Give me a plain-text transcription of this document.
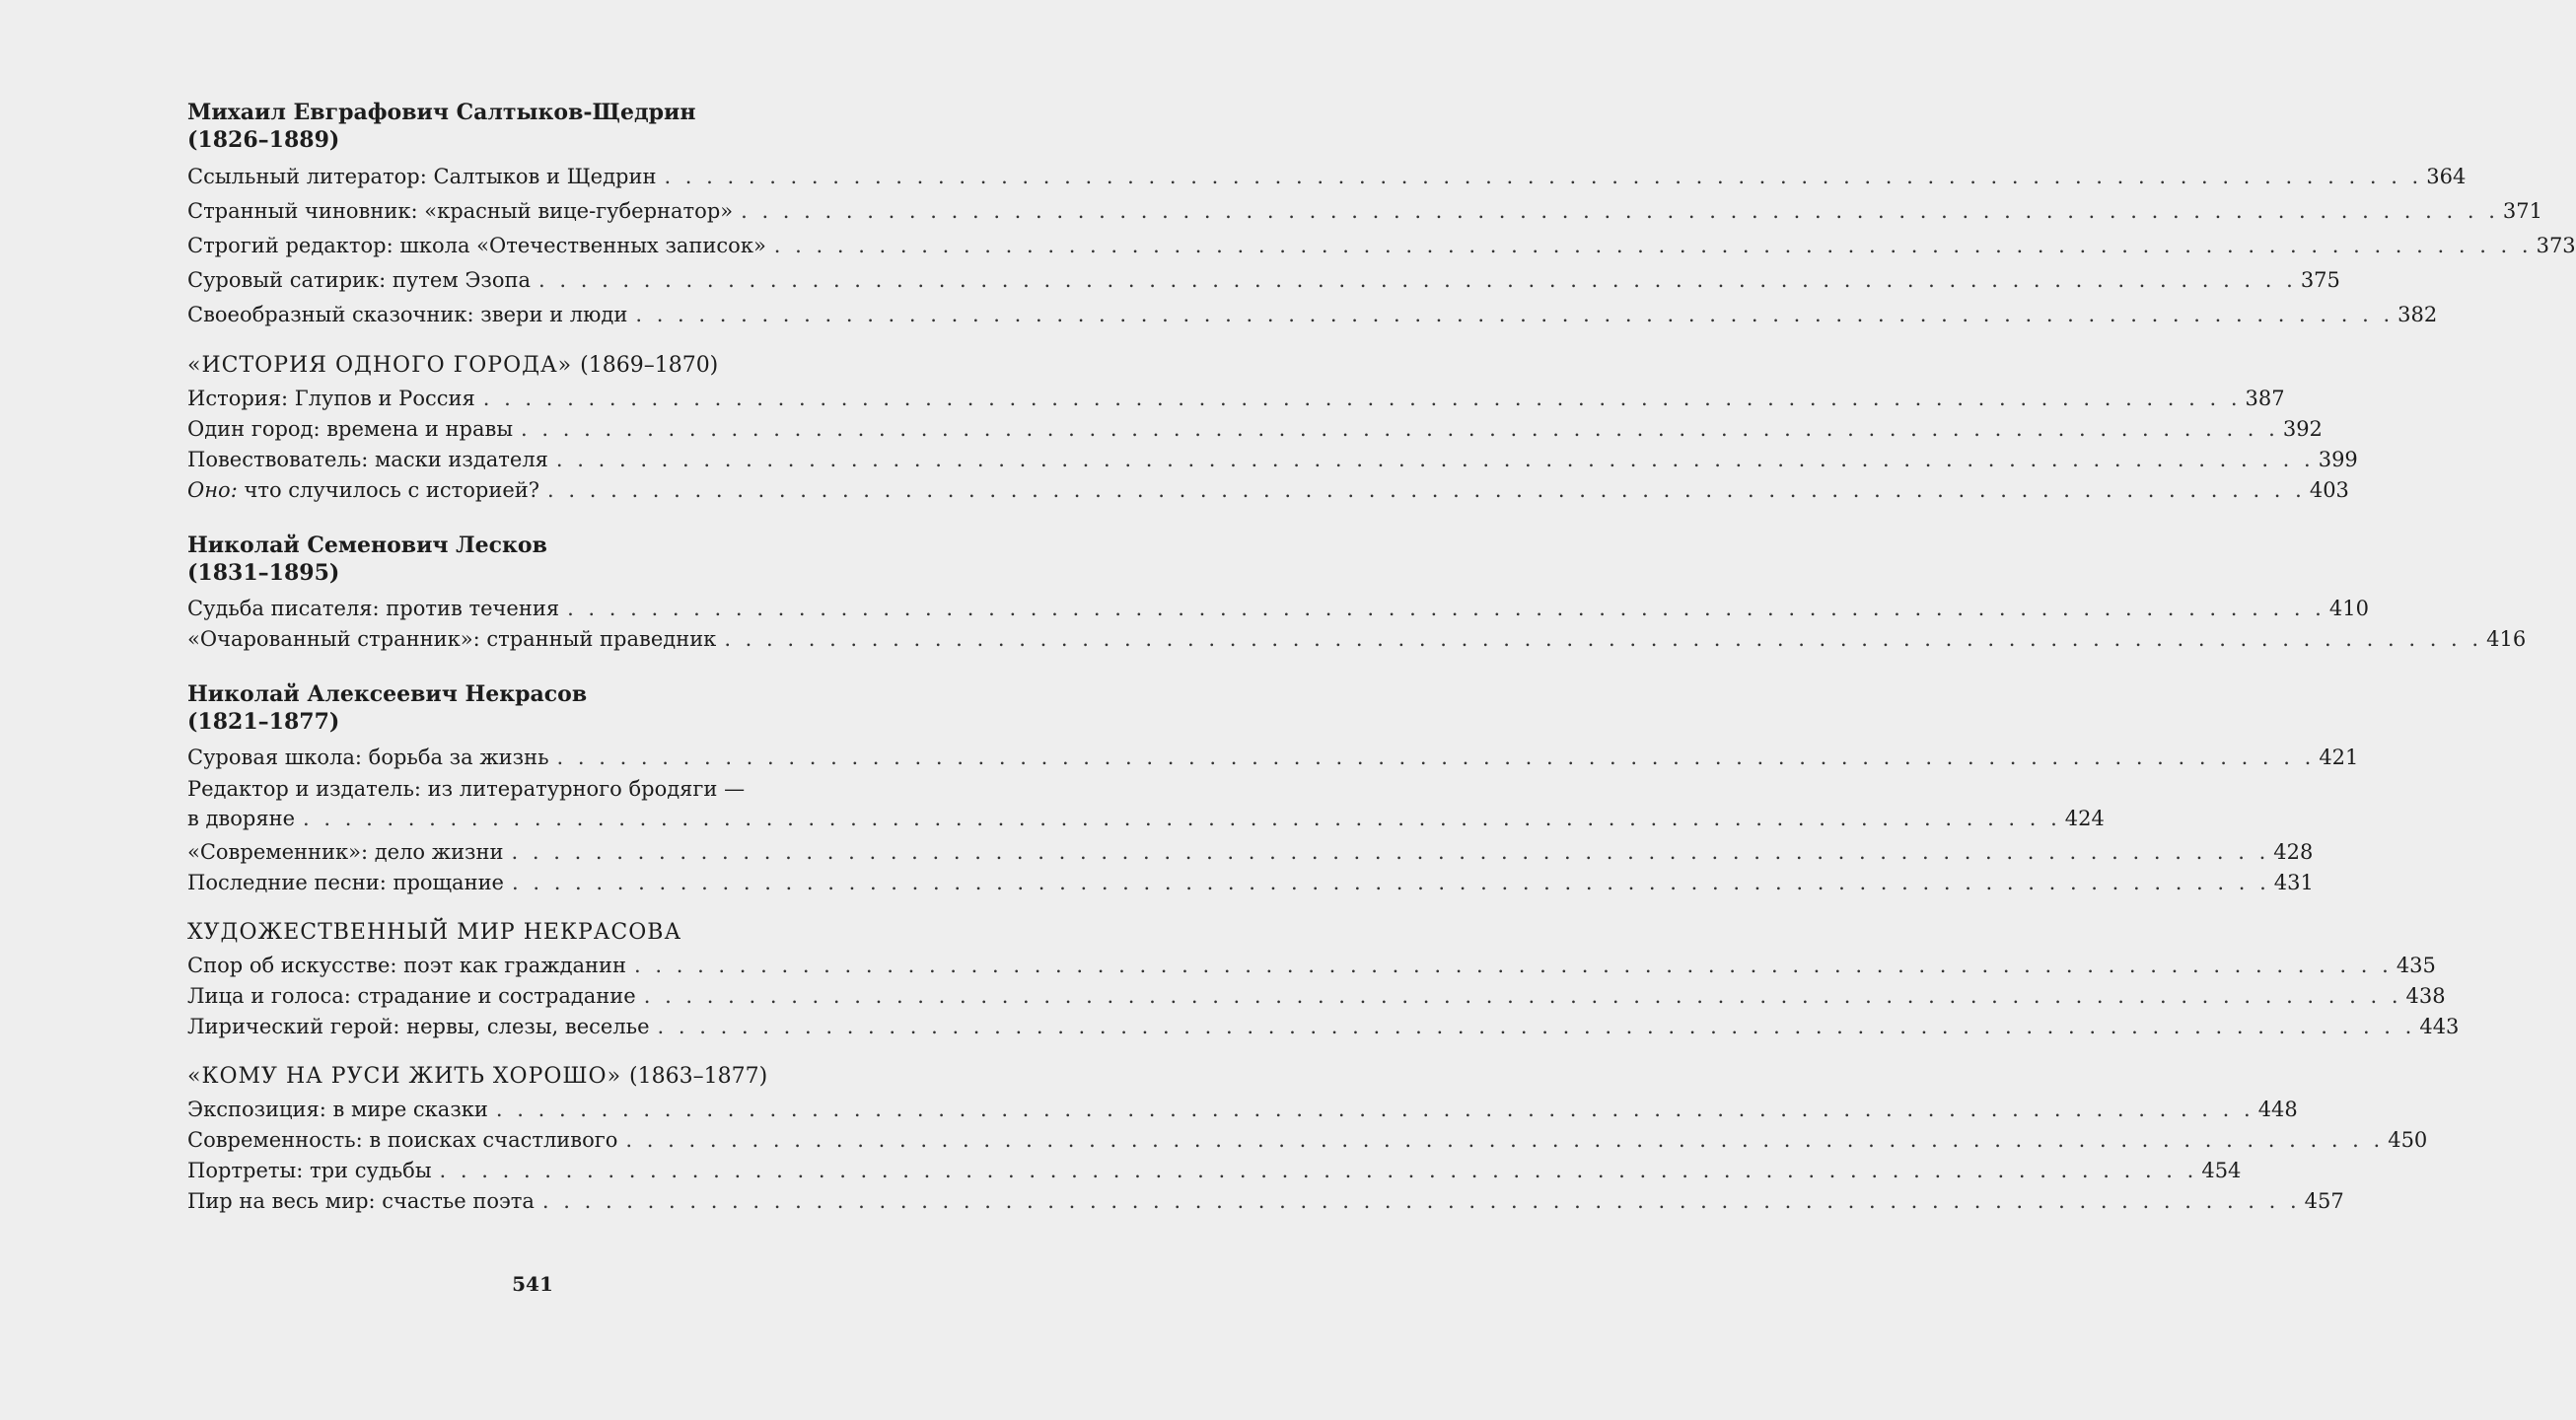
Михаил Евграфович Салтыков-Щедрин
(1826–1889)
Ссыльный литератор: Салтыков и Щедрин . . . . . . . . . . . . . . . . . . . . . . . . . . . . . . . . . . . . . . . . . . . . . . . . . . . . . . . . . . . . . . . . . . . . . . . . . . . . . . . . . . . . 364
Странный чиновник: «красный вице-губернатор» . . . . . . . . . . . . . . . . . . . . . . . . . . . . . . . . . . . . . . . . . . . . . . . . . . . . . . . . . . . . . . . . . . . . . . . . . . . . . . . . . . . . 371
Строгий редактор: школа «Отечественных записок» . . . . . . . . . . . . . . . . . . . . . . . . . . . . . . . . . . . . . . . . . . . . . . . . . . . . . . . . . . . . . . . . . . . . . . . . . . . . . . . . . . . . 373
Суровый сатирик: путем Эзопа . . . . . . . . . . . . . . . . . . . . . . . . . . . . . . . . . . . . . . . . . . . . . . . . . . . . . . . . . . . . . . . . . . . . . . . . . . . . . . . . . . . . 375
Своеобразный сказочник: звери и люди . . . . . . . . . . . . . . . . . . . . . . . . . . . . . . . . . . . . . . . . . . . . . . . . . . . . . . . . . . . . . . . . . . . . . . . . . . . . . . . . . . . . 382
«ИСТОРИЯ ОДНОГО ГОРОДА» (1869–1870)
История: Глупов и Россия . . . . . . . . . . . . . . . . . . . . . . . . . . . . . . . . . . . . . . . . . . . . . . . . . . . . . . . . . . . . . . . . . . . . . . . . . . . . . . . . . . . . 387
Один город: времена и нравы . . . . . . . . . . . . . . . . . . . . . . . . . . . . . . . . . . . . . . . . . . . . . . . . . . . . . . . . . . . . . . . . . . . . . . . . . . . . . . . . . . . . 392
Повествователь: маски издателя . . . . . . . . . . . . . . . . . . . . . . . . . . . . . . . . . . . . . . . . . . . . . . . . . . . . . . . . . . . . . . . . . . . . . . . . . . . . . . . . . . . . 399
Оно: что случилось с историей? . . . . . . . . . . . . . . . . . . . . . . . . . . . . . . . . . . . . . . . . . . . . . . . . . . . . . . . . . . . . . . . . . . . . . . . . . . . . . . . . . . . . 403
Николай Семенович Лесков
(1831–1895)
Судьба писателя: против течения . . . . . . . . . . . . . . . . . . . . . . . . . . . . . . . . . . . . . . . . . . . . . . . . . . . . . . . . . . . . . . . . . . . . . . . . . . . . . . . . . . . . 410
«Очарованный странник»: странный праведник . . . . . . . . . . . . . . . . . . . . . . . . . . . . . . . . . . . . . . . . . . . . . . . . . . . . . . . . . . . . . . . . . . . . . . . . . . . . . . . . . . . . 416
Николай Алексеевич Некрасов
(1821–1877)
Суровая школа: борьба за жизнь . . . . . . . . . . . . . . . . . . . . . . . . . . . . . . . . . . . . . . . . . . . . . . . . . . . . . . . . . . . . . . . . . . . . . . . . . . . . . . . . . . . . 421
Редактор и издатель: из литературного бродяги —
в дворяне . . . . . . . . . . . . . . . . . . . . . . . . . . . . . . . . . . . . . . . . . . . . . . . . . . . . . . . . . . . . . . . . . . . . . . . . . . . . . . . . . . . . 424
«Современник»: дело жизни . . . . . . . . . . . . . . . . . . . . . . . . . . . . . . . . . . . . . . . . . . . . . . . . . . . . . . . . . . . . . . . . . . . . . . . . . . . . . . . . . . . . 428
Последние песни: прощание . . . . . . . . . . . . . . . . . . . . . . . . . . . . . . . . . . . . . . . . . . . . . . . . . . . . . . . . . . . . . . . . . . . . . . . . . . . . . . . . . . . . 431
ХУДОЖЕСТВЕННЫЙ МИР НЕКРАСОВА
Спор об искусстве: поэт как гражданин . . . . . . . . . . . . . . . . . . . . . . . . . . . . . . . . . . . . . . . . . . . . . . . . . . . . . . . . . . . . . . . . . . . . . . . . . . . . . . . . . . . . 435
Лица и голоса: страдание и сострадание . . . . . . . . . . . . . . . . . . . . . . . . . . . . . . . . . . . . . . . . . . . . . . . . . . . . . . . . . . . . . . . . . . . . . . . . . . . . . . . . . . . . 438
Лирический герой: нервы, слезы, веселье . . . . . . . . . . . . . . . . . . . . . . . . . . . . . . . . . . . . . . . . . . . . . . . . . . . . . . . . . . . . . . . . . . . . . . . . . . . . . . . . . . . . 443
«КОМУ НА РУСИ ЖИТЬ ХОРОШО» (1863–1877)
Экспозиция: в мире сказки . . . . . . . . . . . . . . . . . . . . . . . . . . . . . . . . . . . . . . . . . . . . . . . . . . . . . . . . . . . . . . . . . . . . . . . . . . . . . . . . . . . . 448
Современность: в поисках счастливого . . . . . . . . . . . . . . . . . . . . . . . . . . . . . . . . . . . . . . . . . . . . . . . . . . . . . . . . . . . . . . . . . . . . . . . . . . . . . . . . . . . . 450
Портреты: три судьбы . . . . . . . . . . . . . . . . . . . . . . . . . . . . . . . . . . . . . . . . . . . . . . . . . . . . . . . . . . . . . . . . . . . . . . . . . . . . . . . . . . . . 454
Пир на весь мир: счастье поэта . . . . . . . . . . . . . . . . . . . . . . . . . . . . . . . . . . . . . . . . . . . . . . . . . . . . . . . . . . . . . . . . . . . . . . . . . . . . . . . . . . . . 457
541
